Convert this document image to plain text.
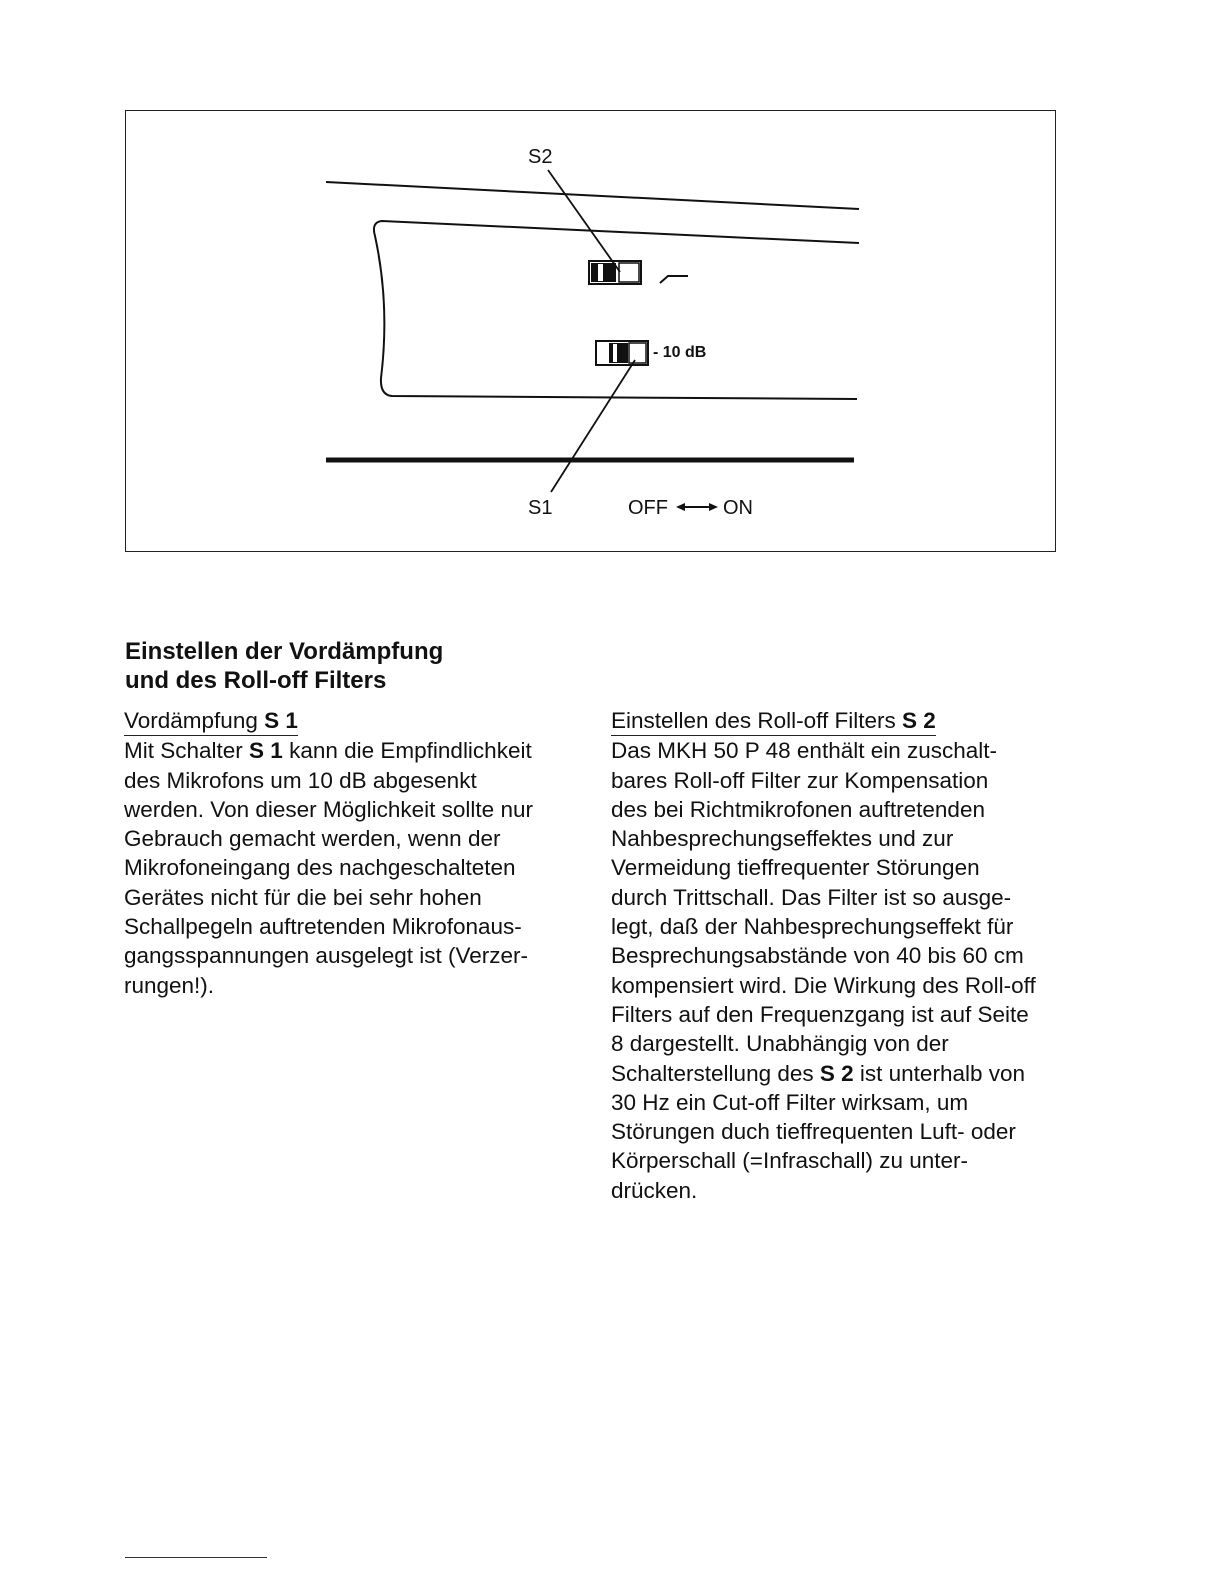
S2
- 10 dB
S1	OFF	ON
Einstellen der Vordämpfung
und des Roll-off Filters
Vordämpfung S 1

Mit Schalter S 1 kann die Empfindlichkeit
des Mikrofons um 10 dB abgesenkt
werden. Von dieser Möglichkeit sollte nur
Gebrauch gemacht werden, wenn der
Mikrofoneingang des nachgeschalteten
Gerätes nicht für die bei sehr hohen
Schallpegeln auftretenden Mikrofonaus-
gangsspannungen ausgelegt ist (Verzer-
rungen!).

Einstellen des Roll-off Filters S 2

Das MKH 50 P 48 enthält ein zuschalt-
bares Roll-off Filter zur Kompensation
des bei Richtmikrofonen auftretenden
Nahbesprechungseffektes und zur
Vermeidung tieffrequenter Störungen
durch Trittschall. Das Filter ist so ausge-
legt, daß der Nahbesprechungseffekt für
Besprechungsabstände von 40 bis 60 cm
kompensiert wird. Die Wirkung des Roll-off
Filters auf den Frequenzgang ist auf Seite
8 dargestellt. Unabhängig von der
Schalterstellung des S 2 ist unterhalb von
30 Hz ein Cut-off Filter wirksam, um
Störungen duch tieffrequenten Luft- oder
Körperschall (=Infraschall) zu unter-
drücken.
